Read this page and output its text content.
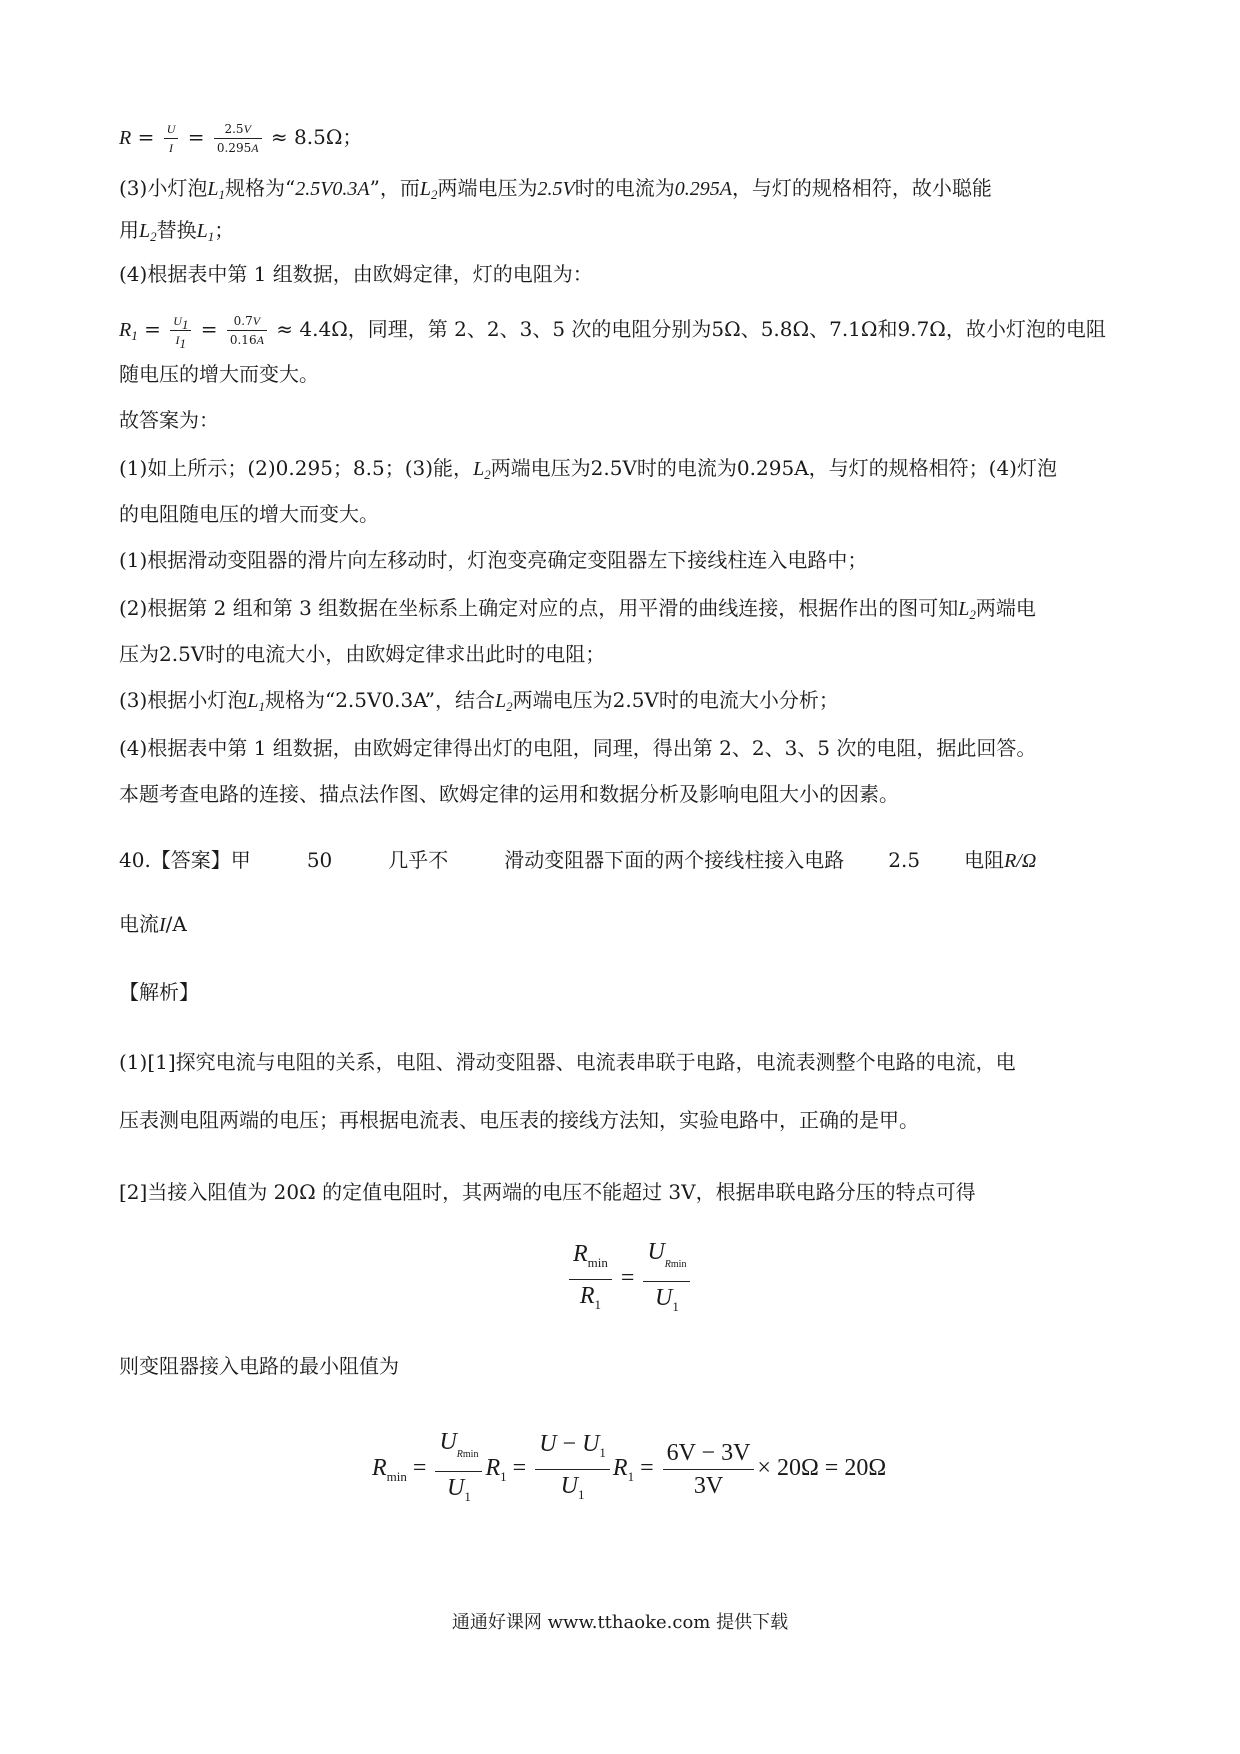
$R = \frac{U}{I} = \frac{2.5V}{0.295A} \approx 8.5\Omega$；
(3)小灯泡$L_1$规格为“2.5V0.3A”，而$L_2$两端电压为2.5V时的电流为0.295A，与灯的规格相符，故小聪能
用$L_2$替换$L_1$；
(4)根据表中第 1 组数据，由欧姆定律，灯的电阻为：
$R_1 = \frac{U_1}{I_1} = \frac{0.7V}{0.16A} \approx 4.4\Omega$，同理，第 2、2、3、5 次的电阻分别为5Ω、5.8Ω、7.1Ω和9.7Ω，故小灯泡的电阻
随电压的增大而变大。
故答案为：
(1)如上所示；(2)0.295；8.5；(3)能，$L_2$两端电压为2.5V时的电流为0.295A，与灯的规格相符；(4)灯泡
的电阻随电压的增大而变大。
(1)根据滑动变阻器的滑片向左移动时，灯泡变亮确定变阻器左下接线柱连入电路中；
(2)根据第 2 组和第 3 组数据在坐标系上确定对应的点，用平滑的曲线连接，根据作出的图可知$L_2$两端电
压为2.5V时的电流大小，由欧姆定律求出此时的电阻；
(3)根据小灯泡$L_1$规格为“2.5V0.3A”，结合$L_2$两端电压为2.5V时的电流大小分析；
(4)根据表中第 1 组数据，由欧姆定律得出灯的电阻，同理，得出第 2、2、3、5 次的电阻，据此回答。
本题考查电路的连接、描点法作图、欧姆定律的运用和数据分析及影响电阻大小的因素。
40.【答案】甲	50	几乎不	滑动变阻器下面的两个接线柱接入电路 2.5 电阻R/Ω
电流I/A
【解析】
(1)[1]探究电流与电阻的关系，电阻、滑动变阻器、电流表串联于电路，电流表测整个电路的电流，电
压表测电阻两端的电压；再根据电流表、电压表的接线方法知，实验电路中，正确的是甲。
[2]当接入阻值为 20Ω 的定值电阻时，其两端的电压不能超过 3V，根据串联电路分压的特点可得
$\frac{R_{min}}{R_1} = \frac{U_{Rmin}}{U_1}$
则变阻器接入电路的最小阻值为
$R_{min} = \frac{U_{Rmin}}{U_1} R_1 = \frac{U - U_1}{U_1} R_1 = \frac{6V - 3V}{3V} \times 20\Omega = 20\Omega$
通通好课网 www.tthaoke.com 提供下载
